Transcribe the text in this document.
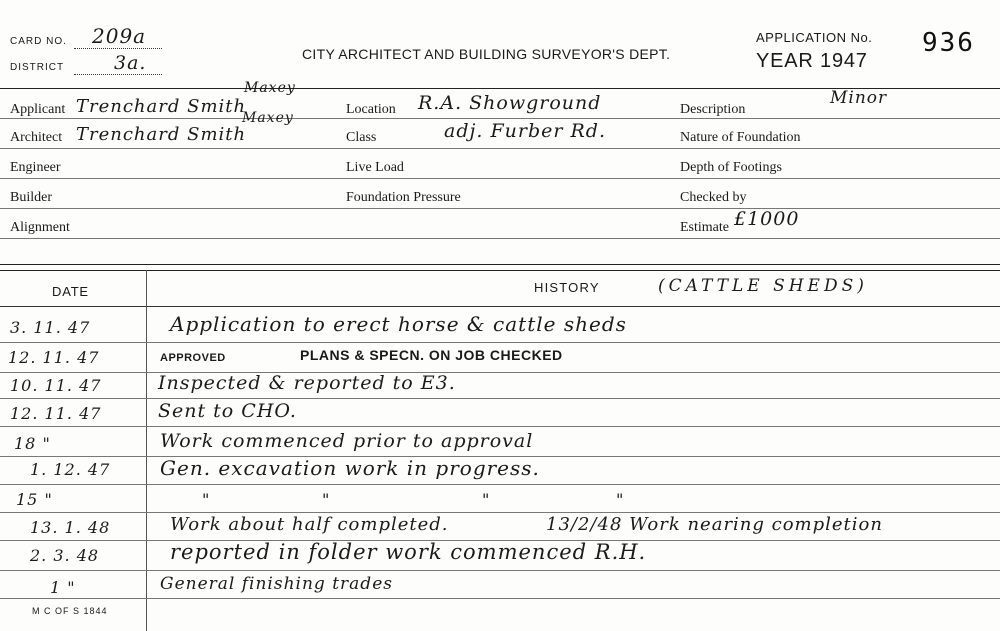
CARD NO. 209a
DISTRICT	3a.	CITY ARCHITECT AND BUILDING SURVEYOR'S DEPT.
APPLICATION No. 936
YEAR 1947
Applicant Trenchard Smith
Maxey
Architect Trenchard Smith
Maxey
Engineer
Builder
Alignment
Location R.A. Showground
Class	adj. Furber Rd.
Live Load
Foundation Pressure
Description
Minor
Nature of Foundation
Depth of Footings
Checked by
Estimate £1000
DATE	HISTORY	(CATTLE SHEDS)
3. 11. 47	Application to erect horse & cattle sheds
12. 11. 47	APPROVED	PLANS & SPECN. ON JOB CHECKED
10. 11. 47	Inspected & reported to E3.
12. 11. 47	Sent to CHO.
18 "	Work commenced prior to approval
1. 12. 47 Gen. excavation work in progress.
15 "	"	"	"	"
13. 1. 48	Work about half completed.	13/2/48 Work nearing completion
2. 3. 48	reported in folder work commenced R.H.
1 "	General finishing trades
M C OF S 1844
